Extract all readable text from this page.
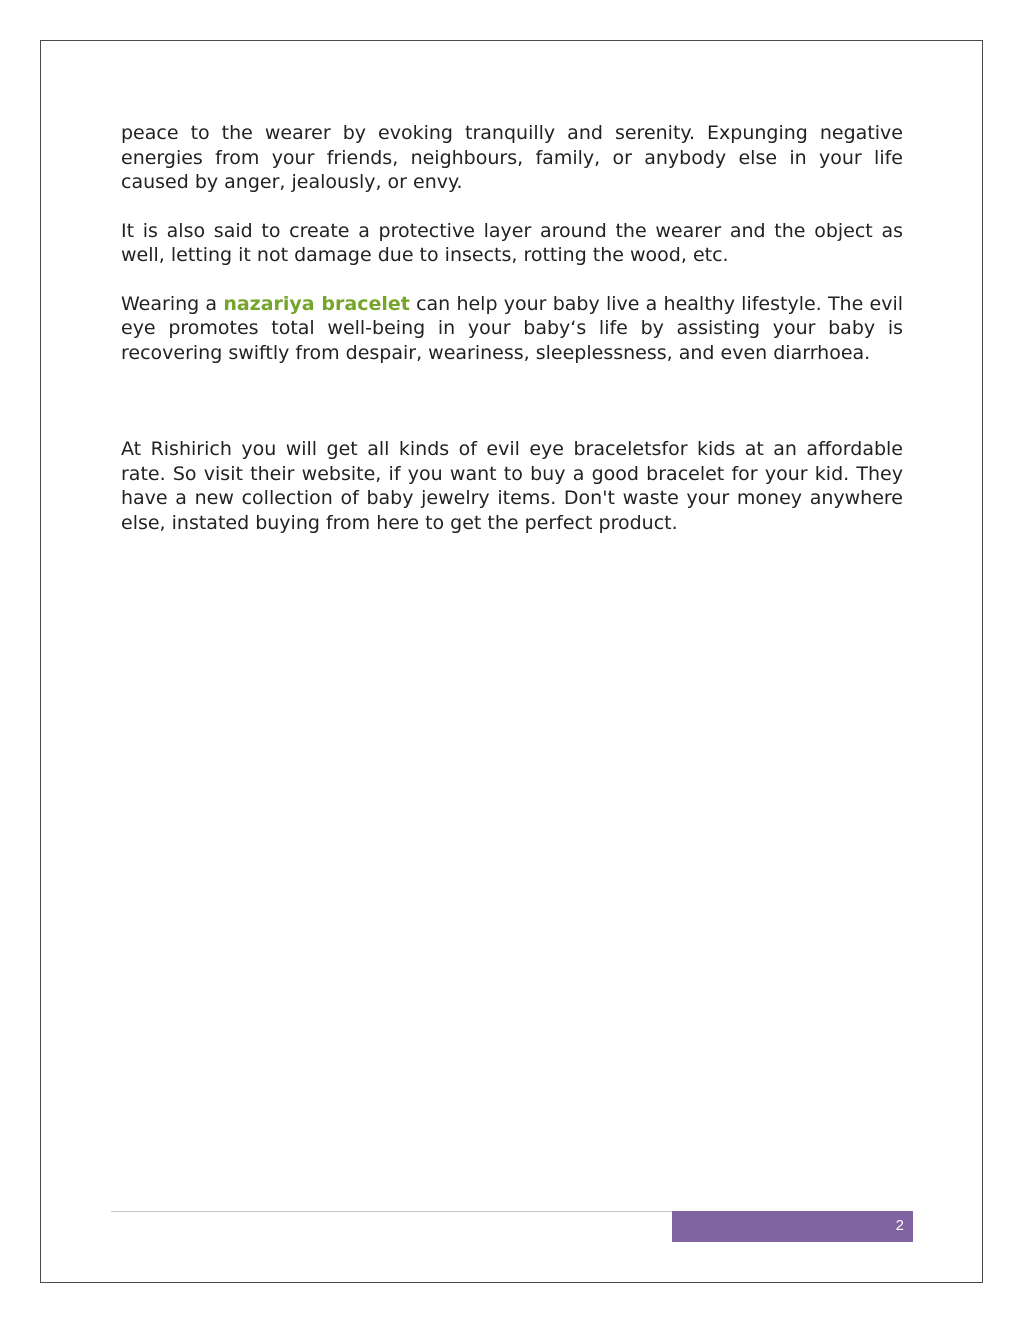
peace to the wearer by evoking tranquilly and serenity. Expunging negative energies from your friends, neighbours, family, or anybody else in your life caused by anger, jealously, or envy.

It is also said to create a protective layer around the wearer and the object as well, letting it not damage due to insects, rotting the wood, etc.

Wearing a nazariya bracelet can help your baby live a healthy lifestyle. The evil eye promotes total well-being in your baby‘s life by assisting your baby is recovering swiftly from despair, weariness, sleeplessness, and even diarrhoea.

At Rishirich you will get all kinds of evil eye braceletsfor kids at an affordable rate. So visit their website, if you want to buy a good bracelet for your kid. They have a new collection of baby jewelry items. Don't waste your money anywhere else, instated buying from here to get the perfect product.

2
